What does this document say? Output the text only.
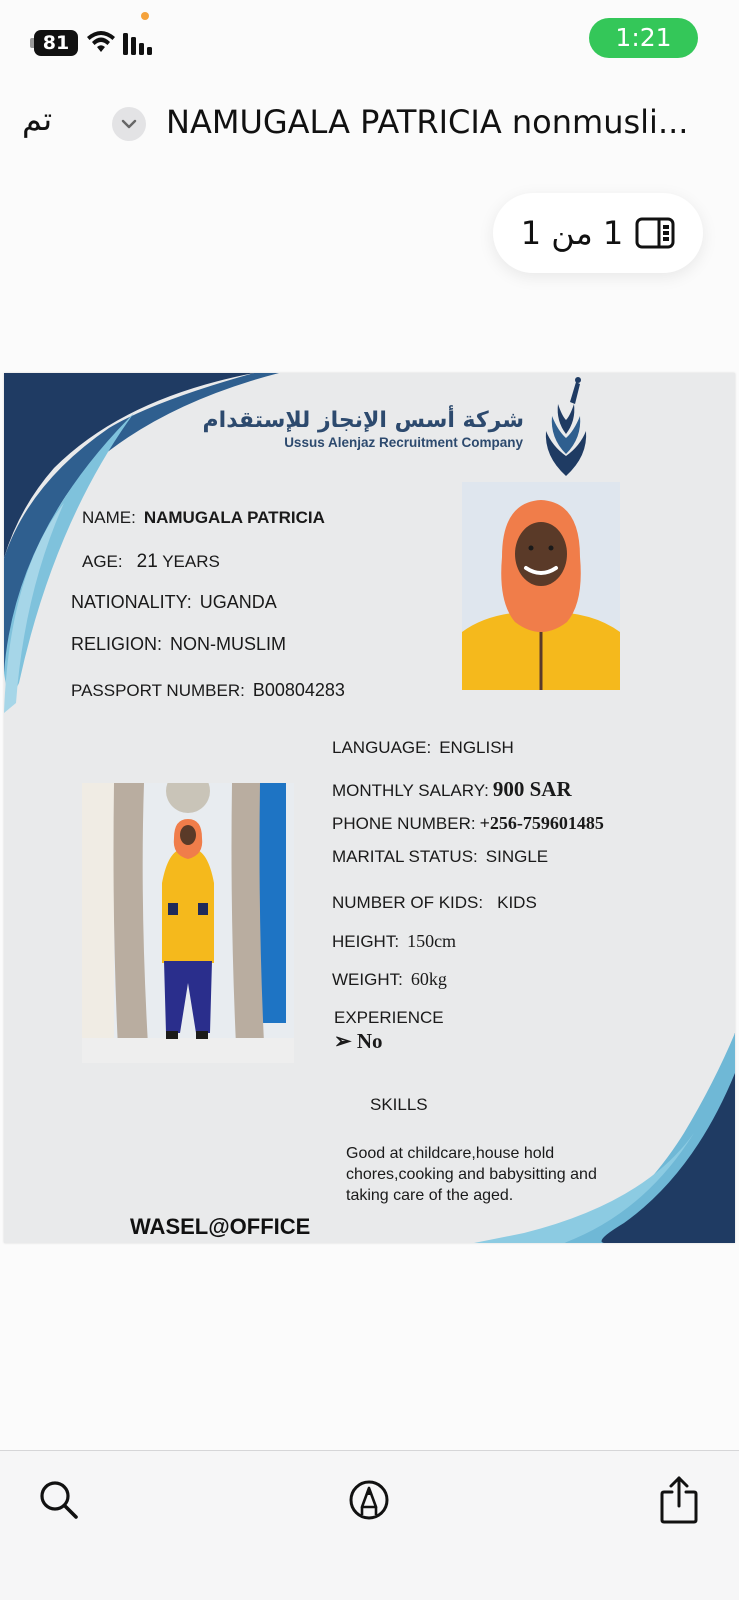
81	1:21
تم	NAMUGALA PATRICIA nonmusli...
1 من 1
شركة أسس الإنجاز للإستقدام
Ussus Alenjaz Recruitment Company
NAME: NAMUGALA PATRICIA
AGE: 21 YEARS
NATIONALITY: UGANDA
RELIGION: NON-MUSLIM
PASSPORT NUMBER: B00804283
LANGUAGE: ENGLISH
MONTHLY SALARY: 900 SAR
PHONE NUMBER: +256-759601485
MARITAL STATUS: SINGLE
NUMBER OF KIDS: KIDS
HEIGHT: 150cm
WEIGHT: 60kg
EXPERIENCE
➢ No
SKILLS
Good at childcare,house hold chores,cooking and babysitting and taking care of the aged.
WASEL@OFFICE
